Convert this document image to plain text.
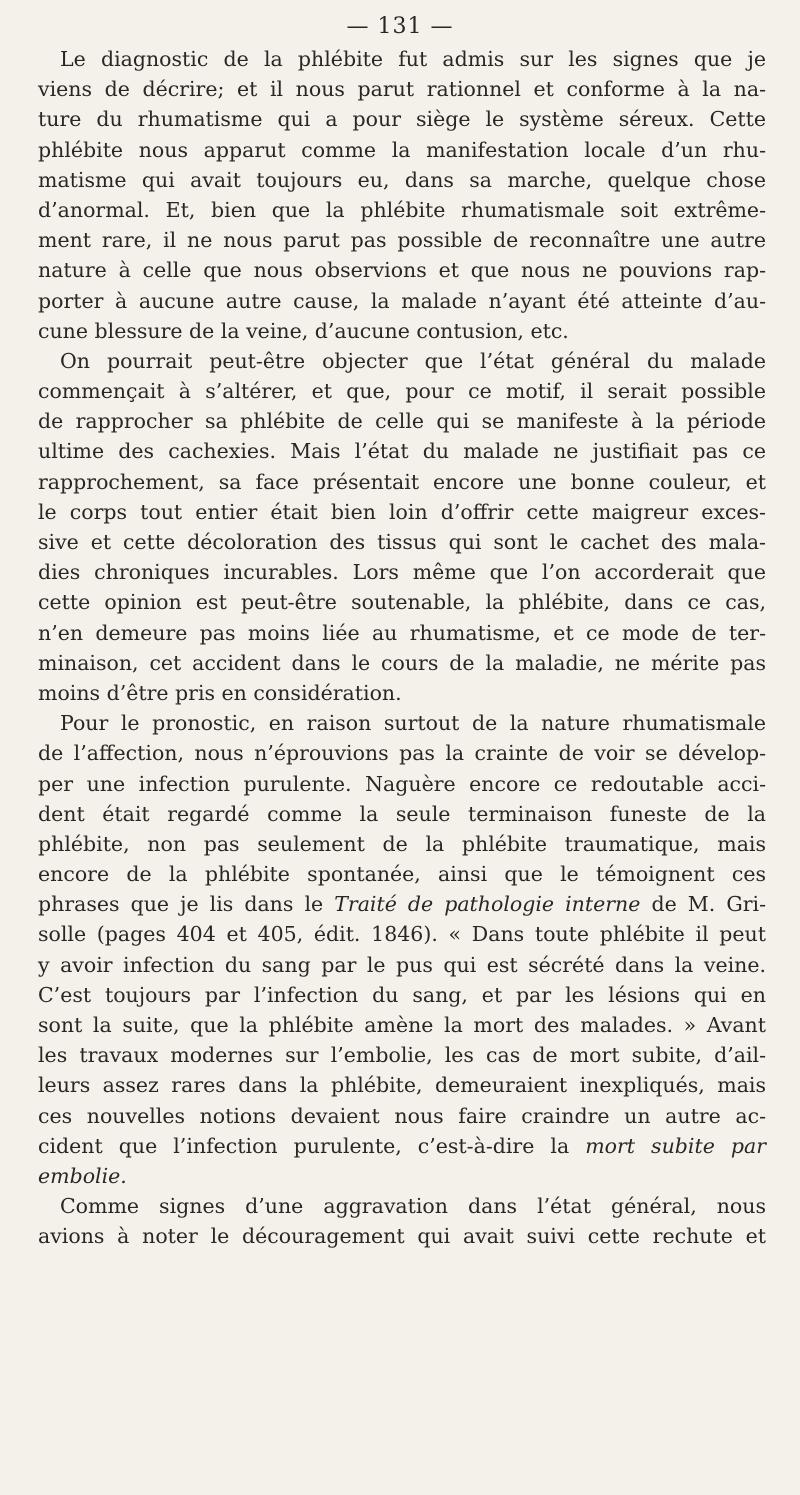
— 131 —
Le diagnostic de la phlébite fut admis sur les signes que je
viens de décrire; et il nous parut rationnel et conforme à la na-
ture du rhumatisme qui a pour siège le système séreux. Cette
phlébite nous apparut comme la manifestation locale d’un rhu-
matisme qui avait toujours eu, dans sa marche, quelque chose
d’anormal. Et, bien que la phlébite rhumatismale soit extrême-
ment rare, il ne nous parut pas possible de reconnaître une autre
nature à celle que nous observions et que nous ne pouvions rap-
porter à aucune autre cause, la malade n’ayant été atteinte d’au-
cune blessure de la veine, d’aucune contusion, etc.
On pourrait peut-être objecter que l’état général du malade
commençait à s’altérer, et que, pour ce motif, il serait possible
de rapprocher sa phlébite de celle qui se manifeste à la période
ultime des cachexies. Mais l’état du malade ne justifiait pas ce
rapprochement, sa face présentait encore une bonne couleur, et
le corps tout entier était bien loin d’offrir cette maigreur exces-
sive et cette décoloration des tissus qui sont le cachet des mala-
dies chroniques incurables. Lors même que l’on accorderait que
cette opinion est peut-être soutenable, la phlébite, dans ce cas,
n’en demeure pas moins liée au rhumatisme, et ce mode de ter-
minaison, cet accident dans le cours de la maladie, ne mérite pas
moins d’être pris en considération.
Pour le pronostic, en raison surtout de la nature rhumatismale
de l’affection, nous n’éprouvions pas la crainte de voir se dévelop-
per une infection purulente. Naguère encore ce redoutable acci-
dent était regardé comme la seule terminaison funeste de la
phlébite, non pas seulement de la phlébite traumatique, mais
encore de la phlébite spontanée, ainsi que le témoignent ces
phrases que je lis dans le Traité de pathologie interne de M. Gri-
solle (pages 404 et 405, édit. 1846). « Dans toute phlébite il peut
y avoir infection du sang par le pus qui est sécrété dans la veine.
C’est toujours par l’infection du sang, et par les lésions qui en
sont la suite, que la phlébite amène la mort des malades. » Avant
les travaux modernes sur l’embolie, les cas de mort subite, d’ail-
leurs assez rares dans la phlébite, demeuraient inexpliqués, mais
ces nouvelles notions devaient nous faire craindre un autre ac-
cident que l’infection purulente, c’est-à-dire la mort subite par
embolie.
Comme signes d’une aggravation dans l’état général, nous
avions à noter le découragement qui avait suivi cette rechute et
